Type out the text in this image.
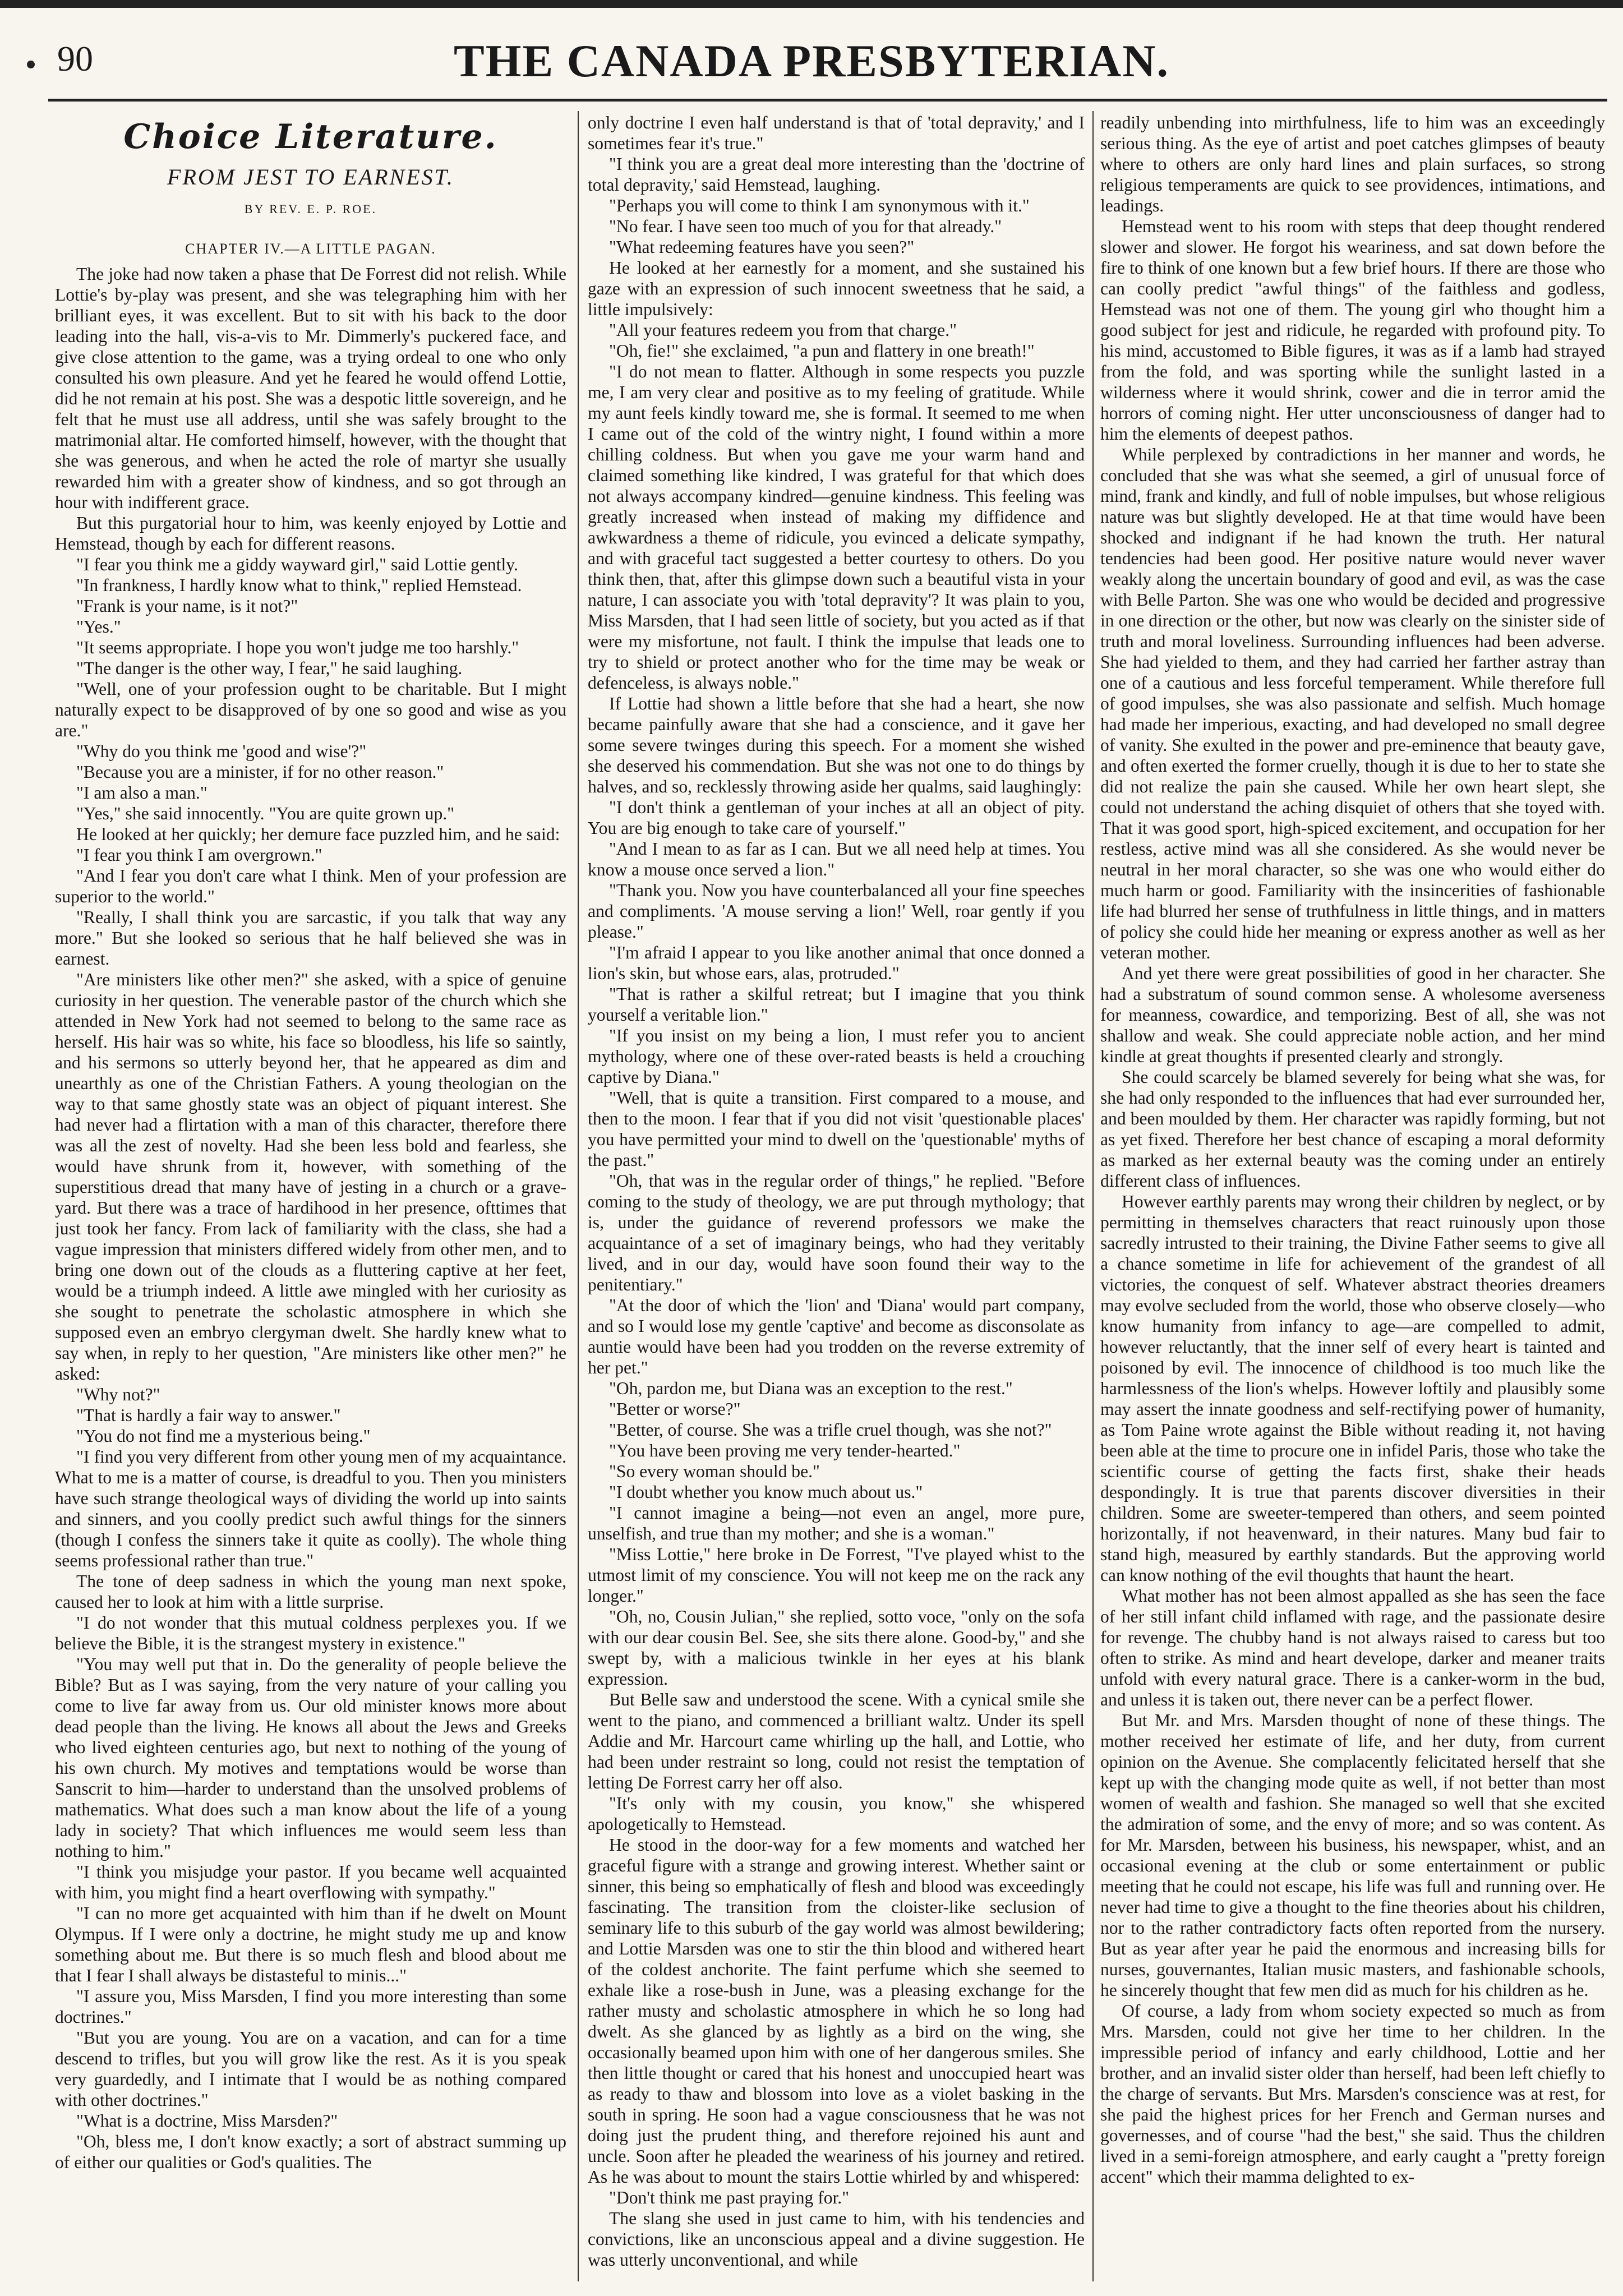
90	THE CANADA PRESBYTERIAN.
Choice Literature.
FROM JEST TO EARNEST.
BY REV. E. P. ROE.
CHAPTER IV.—A LITTLE PAGAN.

The joke had now taken a phase that De Forrest did not relish. While Lottie's by-play was present, and she was telegraphing him with her brilliant eyes, it was excellent. But to sit with his back to the door leading into the hall, vis-a-vis to Mr. Dimmerly's puckered face, and give close attention to the game, was a trying ordeal to one who only consulted his own pleasure. And yet he feared he would offend Lottie, did he not remain at his post. She was a despotic little sovereign, and he felt that he must use all address, until she was safely brought to the matrimonial altar. He comforted himself, however, with the thought that she was generous, and when he acted the role of martyr she usually rewarded him with a greater show of kindness, and so got through an hour with indifferent grace.

But this purgatorial hour to him, was keenly enjoyed by Lottie and Hemstead, though by each for different reasons.

"I fear you think me a giddy wayward girl," said Lottie gently.

"In frankness, I hardly know what to think," replied Hemstead.

"Frank is your name, is it not?"

"Yes."

"It seems appropriate. I hope you won't judge me too harshly."

"The danger is the other way, I fear," he said laughing.

"Well, one of your profession ought to be charitable. But I might naturally expect to be disapproved of by one so good and wise as you are."

"Why do you think me 'good and wise'?"

"Because you are a minister, if for no other reason."

"I am also a man."

"Yes," she said innocently. "You are quite grown up."

He looked at her quickly; her demure face puzzled him, and he said:

"I fear you think I am overgrown."

"And I fear you don't care what I think. Men of your profession are superior to the world."

"Really, I shall think you are sarcastic, if you talk that way any more." But she looked so serious that he half believed she was in earnest.

"Are ministers like other men?" she asked, with a spice of genuine curiosity in her question. The venerable pastor of the church which she attended in New York had not seemed to belong to the same race as herself. His hair was so white, his face so bloodless, his life so saintly, and his sermons so utterly beyond her, that he appeared as dim and unearthly as one of the Christian Fathers. A young theologian on the way to that same ghostly state was an object of piquant interest. She had never had a flirtation with a man of this character, therefore there was all the zest of novelty. Had she been less bold and fearless, she would have shrunk from it, however, with something of the superstitious dread that many have of jesting in a church or a grave-yard. But there was a trace of hardihood in her presence, ofttimes that just took her fancy. From lack of familiarity with the class, she had a vague impression that ministers differed widely from other men, and to bring one down out of the clouds as a fluttering captive at her feet, would be a triumph indeed. A little awe mingled with her curiosity as she sought to penetrate the scholastic atmosphere in which she supposed even an embryo clergyman dwelt. She hardly knew what to say when, in reply to her question, "Are ministers like other men?" he asked:

"Why not?"

"That is hardly a fair way to answer."

"You do not find me a mysterious being."

"I find you very different from other young men of my acquaintance. What to me is a matter of course, is dreadful to you. Then you ministers have such strange theological ways of dividing the world up into saints and sinners, and you coolly predict such awful things for the sinners (though I confess the sinners take it quite as coolly). The whole thing seems professional rather than true."

The tone of deep sadness in which the young man next spoke, caused her to look at him with a little surprise.

"I do not wonder that this mutual coldness perplexes you. If we believe the Bible, it is the strangest mystery in existence."

"You may well put that in. Do the generality of people believe the Bible? But as I was saying, from the very nature of your calling you come to live far away from us. Our old minister knows more about dead people than the living. He knows all about the Jews and Greeks who lived eighteen centuries ago, but next to nothing of the young of his own church. My motives and temptations would be worse than Sanscrit to him—harder to understand than the unsolved problems of mathematics. What does such a man know about the life of a young lady in society? That which influences me would seem less than nothing to him."

"I think you misjudge your pastor. If you became well acquainted with him, you might find a heart overflowing with sympathy."

"I can no more get acquainted with him than if he dwelt on Mount Olympus. If I were only a doctrine, he might study me up and know something about me. But there is so much flesh and blood about me that I fear I shall always be distasteful to minis..."

"I assure you, Miss Marsden, I find you more interesting than some doctrines."

"But you are young. You are on a vacation, and can for a time descend to trifles, but you will grow like the rest. As it is you speak very guardedly, and I intimate that I would be as nothing compared with other doctrines."

"What is a doctrine, Miss Marsden?"

"Oh, bless me, I don't know exactly; a sort of abstract summing up of either our qualities or God's qualities. The

only doctrine I even half understand is that of 'total depravity,' and I sometimes fear it's true."

"I think you are a great deal more interesting than the 'doctrine of total depravity,' said Hemstead, laughing.

"Perhaps you will come to think I am synonymous with it."

"No fear. I have seen too much of you for that already."

"What redeeming features have you seen?"

He looked at her earnestly for a moment, and she sustained his gaze with an expression of such innocent sweetness that he said, a little impulsively:

"All your features redeem you from that charge."

"Oh, fie!" she exclaimed, "a pun and flattery in one breath!"

"I do not mean to flatter. Although in some respects you puzzle me, I am very clear and positive as to my feeling of gratitude. While my aunt feels kindly toward me, she is formal. It seemed to me when I came out of the cold of the wintry night, I found within a more chilling coldness. But when you gave me your warm hand and claimed something like kindred, I was grateful for that which does not always accompany kindred—genuine kindness. This feeling was greatly increased when instead of making my diffidence and awkwardness a theme of ridicule, you evinced a delicate sympathy, and with graceful tact suggested a better courtesy to others. Do you think then, that, after this glimpse down such a beautiful vista in your nature, I can associate you with 'total depravity'? It was plain to you, Miss Marsden, that I had seen little of society, but you acted as if that were my misfortune, not fault. I think the impulse that leads one to try to shield or protect another who for the time may be weak or defenceless, is always noble."

If Lottie had shown a little before that she had a heart, she now became painfully aware that she had a conscience, and it gave her some severe twinges during this speech. For a moment she wished she deserved his commendation. But she was not one to do things by halves, and so, recklessly throwing aside her qualms, said laughingly:

"I don't think a gentleman of your inches at all an object of pity. You are big enough to take care of yourself."

"And I mean to as far as I can. But we all need help at times. You know a mouse once served a lion."

"Thank you. Now you have counterbalanced all your fine speeches and compliments. 'A mouse serving a lion!' Well, roar gently if you please."

"I'm afraid I appear to you like another animal that once donned a lion's skin, but whose ears, alas, protruded."

"That is rather a skilful retreat; but I imagine that you think yourself a veritable lion."

"If you insist on my being a lion, I must refer you to ancient mythology, where one of these over-rated beasts is held a crouching captive by Diana."

"Well, that is quite a transition. First compared to a mouse, and then to the moon. I fear that if you did not visit 'questionable places' you have permitted your mind to dwell on the 'questionable' myths of the past."

"Oh, that was in the regular order of things," he replied. "Before coming to the study of theology, we are put through mythology; that is, under the guidance of reverend professors we make the acquaintance of a set of imaginary beings, who had they veritably lived, and in our day, would have soon found their way to the penitentiary."

"At the door of which the 'lion' and 'Diana' would part company, and so I would lose my gentle 'captive' and become as disconsolate as auntie would have been had you trodden on the reverse extremity of her pet."

"Oh, pardon me, but Diana was an exception to the rest."

"Better or worse?"

"Better, of course. She was a trifle cruel though, was she not?"

"You have been proving me very tender-hearted."

"So every woman should be."

"I doubt whether you know much about us."

"I cannot imagine a being—not even an angel, more pure, unselfish, and true than my mother; and she is a woman."

"Miss Lottie," here broke in De Forrest, "I've played whist to the utmost limit of my conscience. You will not keep me on the rack any longer."

"Oh, no, Cousin Julian," she replied, sotto voce, "only on the sofa with our dear cousin Bel. See, she sits there alone. Good-by," and she swept by, with a malicious twinkle in her eyes at his blank expression.

But Belle saw and understood the scene. With a cynical smile she went to the piano, and commenced a brilliant waltz. Under its spell Addie and Mr. Harcourt came whirling up the hall, and Lottie, who had been under restraint so long, could not resist the temptation of letting De Forrest carry her off also.

"It's only with my cousin, you know," she whispered apologetically to Hemstead.

He stood in the door-way for a few moments and watched her graceful figure with a strange and growing interest. Whether saint or sinner, this being so emphatically of flesh and blood was exceedingly fascinating. The transition from the cloister-like seclusion of seminary life to this suburb of the gay world was almost bewildering; and Lottie Marsden was one to stir the thin blood and withered heart of the coldest anchorite. The faint perfume which she seemed to exhale like a rose-bush in June, was a pleasing exchange for the rather musty and scholastic atmosphere in which he so long had dwelt. As she glanced by as lightly as a bird on the wing, she occasionally beamed upon him with one of her dangerous smiles. She then little thought or cared that his honest and unoccupied heart was as ready to thaw and blossom into love as a violet basking in the south in spring. He soon had a vague consciousness that he was not doing just the prudent thing, and therefore rejoined his aunt and uncle. Soon after he pleaded the weariness of his journey and retired. As he was about to mount the stairs Lottie whirled by and whispered:

"Don't think me past praying for."

The slang she used in just came to him, with his tendencies and convictions, like an unconscious appeal and a divine suggestion. He was utterly unconventional, and while

readily unbending into mirthfulness, life to him was an exceedingly serious thing. As the eye of artist and poet catches glimpses of beauty where to others are only hard lines and plain surfaces, so strong religious temperaments are quick to see providences, intimations, and leadings.

Hemstead went to his room with steps that deep thought rendered slower and slower. He forgot his weariness, and sat down before the fire to think of one known but a few brief hours. If there are those who can coolly predict "awful things" of the faithless and godless, Hemstead was not one of them. The young girl who thought him a good subject for jest and ridicule, he regarded with profound pity. To his mind, accustomed to Bible figures, it was as if a lamb had strayed from the fold, and was sporting while the sunlight lasted in a wilderness where it would shrink, cower and die in terror amid the horrors of coming night. Her utter unconsciousness of danger had to him the elements of deepest pathos.

While perplexed by contradictions in her manner and words, he concluded that she was what she seemed, a girl of unusual force of mind, frank and kindly, and full of noble impulses, but whose religious nature was but slightly developed. He at that time would have been shocked and indignant if he had known the truth. Her natural tendencies had been good. Her positive nature would never waver weakly along the uncertain boundary of good and evil, as was the case with Belle Parton. She was one who would be decided and progressive in one direction or the other, but now was clearly on the sinister side of truth and moral loveliness. Surrounding influences had been adverse. She had yielded to them, and they had carried her farther astray than one of a cautious and less forceful temperament. While therefore full of good impulses, she was also passionate and selfish. Much homage had made her imperious, exacting, and had developed no small degree of vanity. She exulted in the power and pre-eminence that beauty gave, and often exerted the former cruelly, though it is due to her to state she did not realize the pain she caused. While her own heart slept, she could not understand the aching disquiet of others that she toyed with. That it was good sport, high-spiced excitement, and occupation for her restless, active mind was all she considered. As she would never be neutral in her moral character, so she was one who would either do much harm or good. Familiarity with the insincerities of fashionable life had blurred her sense of truthfulness in little things, and in matters of policy she could hide her meaning or express another as well as her veteran mother.

And yet there were great possibilities of good in her character. She had a substratum of sound common sense. A wholesome averseness for meanness, cowardice, and temporizing. Best of all, she was not shallow and weak. She could appreciate noble action, and her mind kindle at great thoughts if presented clearly and strongly.

She could scarcely be blamed severely for being what she was, for she had only responded to the influences that had ever surrounded her, and been moulded by them. Her character was rapidly forming, but not as yet fixed. Therefore her best chance of escaping a moral deformity as marked as her external beauty was the coming under an entirely different class of influences.

However earthly parents may wrong their children by neglect, or by permitting in themselves characters that react ruinously upon those sacredly intrusted to their training, the Divine Father seems to give all a chance sometime in life for achievement of the grandest of all victories, the conquest of self. Whatever abstract theories dreamers may evolve secluded from the world, those who observe closely—who know humanity from infancy to age—are compelled to admit, however reluctantly, that the inner self of every heart is tainted and poisoned by evil. The innocence of childhood is too much like the harmlessness of the lion's whelps. However loftily and plausibly some may assert the innate goodness and self-rectifying power of humanity, as Tom Paine wrote against the Bible without reading it, not having been able at the time to procure one in infidel Paris, those who take the scientific course of getting the facts first, shake their heads despondingly. It is true that parents discover diversities in their children. Some are sweeter-tempered than others, and seem pointed horizontally, if not heavenward, in their natures. Many bud fair to stand high, measured by earthly standards. But the approving world can know nothing of the evil thoughts that haunt the heart.

What mother has not been almost appalled as she has seen the face of her still infant child inflamed with rage, and the passionate desire for revenge. The chubby hand is not always raised to caress but too often to strike. As mind and heart develope, darker and meaner traits unfold with every natural grace. There is a canker-worm in the bud, and unless it is taken out, there never can be a perfect flower.

But Mr. and Mrs. Marsden thought of none of these things. The mother received her estimate of life, and her duty, from current opinion on the Avenue. She complacently felicitated herself that she kept up with the changing mode quite as well, if not better than most women of wealth and fashion. She managed so well that she excited the admiration of some, and the envy of more; and so was content. As for Mr. Marsden, between his business, his newspaper, whist, and an occasional evening at the club or some entertainment or public meeting that he could not escape, his life was full and running over. He never had time to give a thought to the fine theories about his children, nor to the rather contradictory facts often reported from the nursery. But as year after year he paid the enormous and increasing bills for nurses, gouvernantes, Italian music masters, and fashionable schools, he sincerely thought that few men did as much for his children as he.

Of course, a lady from whom society expected so much as from Mrs. Marsden, could not give her time to her children. In the impressible period of infancy and early childhood, Lottie and her brother, and an invalid sister older than herself, had been left chiefly to the charge of servants. But Mrs. Marsden's conscience was at rest, for she paid the highest prices for her French and German nurses and governesses, and of course "had the best," she said. Thus the children lived in a semi-foreign atmosphere, and early caught a "pretty foreign accent" which their mamma delighted to ex-
